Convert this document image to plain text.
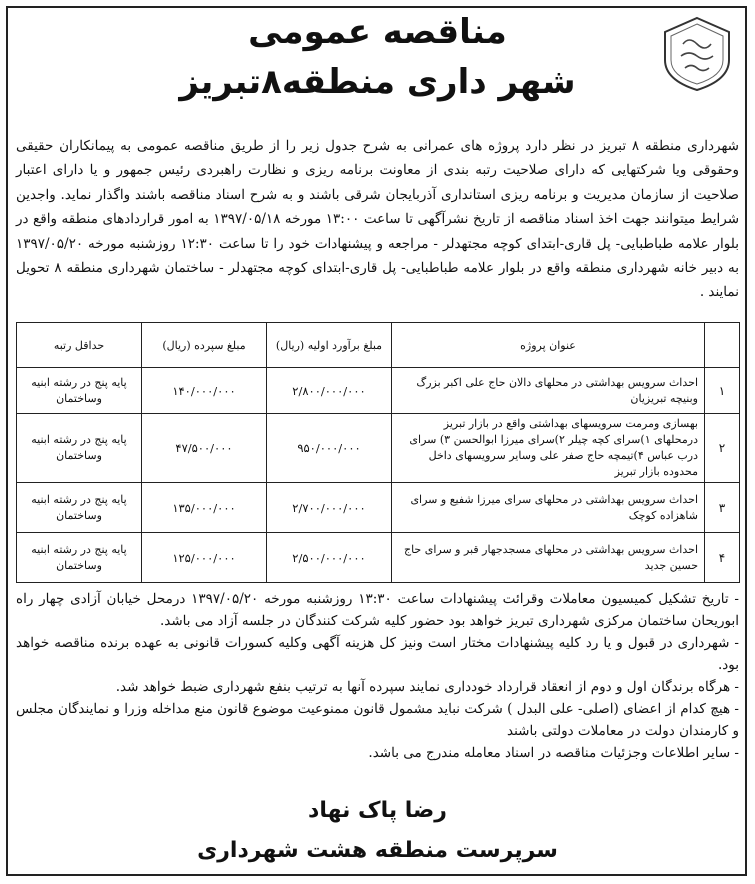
مناقصه عمومی
شهر داری منطقه۸تبریز
شهرداری منطقه ۸ تبریز در نظر دارد پروژه های عمرانی به شرح جدول زیر را از طریق مناقصه عمومی به پیمانکاران حقیقی وحقوقی ویا شرکتهایی که دارای صلاحیت رتبه بندی از معاونت برنامه ریزی و نظارت راهبردی رئیس جمهور و یا دارای اعتبار صلاحیت از سازمان مدیریت و برنامه ریزی استانداری آذربایجان شرقی باشند و به شرح اسناد مناقصه باشند واگذار نماید. واجدین شرایط میتوانند جهت اخذ اسناد مناقصه از تاریخ نشرآگهی تا ساعت ۱۳:۰۰ مورخه ۱۳۹۷/۰۵/۱۸ به امور قراردادهای منطقه واقع در بلوار علامه طباطبایی- پل قاری-ابتدای کوچه مجتهدلر - مراجعه و پیشنهادات خود را تا ساعت ۱۲:۳۰ روزشنبه مورخه ۱۳۹۷/۰۵/۲۰ به دبیر خانه شهرداری منطقه واقع در بلوار علامه طباطبایی- پل قاری-ابتدای کوچه مجتهدلر - ساختمان شهرداری منطقه ۸ تحویل نمایند .
	عنوان پروژه	مبلغ برآورد اولیه (ریال)	مبلغ سپرده (ریال)	حداقل رتبه
۱	احداث سرویس بهداشتی در محلهای دالان حاج علی اکبر بزرگ وبنیچه تبریزیان	۲/۸۰۰/۰۰۰/۰۰۰	۱۴۰/۰۰۰/۰۰۰	پایه پنج در رشته ابنیه وساختمان
۲	بهسازی ومرمت سرویسهای بهداشتی واقع در بازار تبریز درمحلهای ۱)سرای کچه چیلر ۲)سرای میرزا ابوالحسن ۳) سرای درب عباس ۴)تیمچه حاج صفر علی وسایر سرویسهای داخل محدوده بازار تبریز	۹۵۰/۰۰۰/۰۰۰	۴۷/۵۰۰/۰۰۰	پایه پنج در رشته ابنیه وساختمان
۳	احداث سرویس بهداشتی در محلهای سرای میرزا شفیع و سرای شاهزاده کوچک	۲/۷۰۰/۰۰۰/۰۰۰	۱۳۵/۰۰۰/۰۰۰	پایه پنج در رشته ابنیه وساختمان
۴	احداث سرویس بهداشتی در محلهای مسجدجهار قبر و سرای حاج حسین جدید	۲/۵۰۰/۰۰۰/۰۰۰	۱۲۵/۰۰۰/۰۰۰	پایه پنج در رشته ابنیه وساختمان

- تاریخ تشکیل کمیسیون معاملات وقرائت پیشنهادات ساعت ۱۳:۳۰ روزشنبه مورخه ۱۳۹۷/۰۵/۲۰ درمحل خیابان آزادی چهار راه ابوریحان ساختمان مرکزی شهرداری تبریز خواهد بود حضور کلیه شرکت کنندگان در جلسه آزاد می باشد.

- شهرداری در قبول و یا رد کلیه پیشنهادات مختار است ونیز کل هزینه آگهی وکلیه کسورات قانونی به عهده برنده مناقصه خواهد بود.

- هرگاه برندگان اول و دوم از انعقاد قرارداد خودداری نمایند سپرده آنها به ترتیب بنفع شهرداری ضبط خواهد شد.

- هیچ کدام از اعضای (اصلی- علی البدل ) شرکت نباید مشمول قانون ممنوعیت موضوع قانون منع مداخله وزرا و نمایندگان مجلس و کارمندان دولت در معاملات دولتی باشند

- سایر اطلاعات وجزئیات مناقصه در اسناد معامله مندرج می باشد.

رضا پاک نهاد
سرپرست منطقه هشت شهرداری
